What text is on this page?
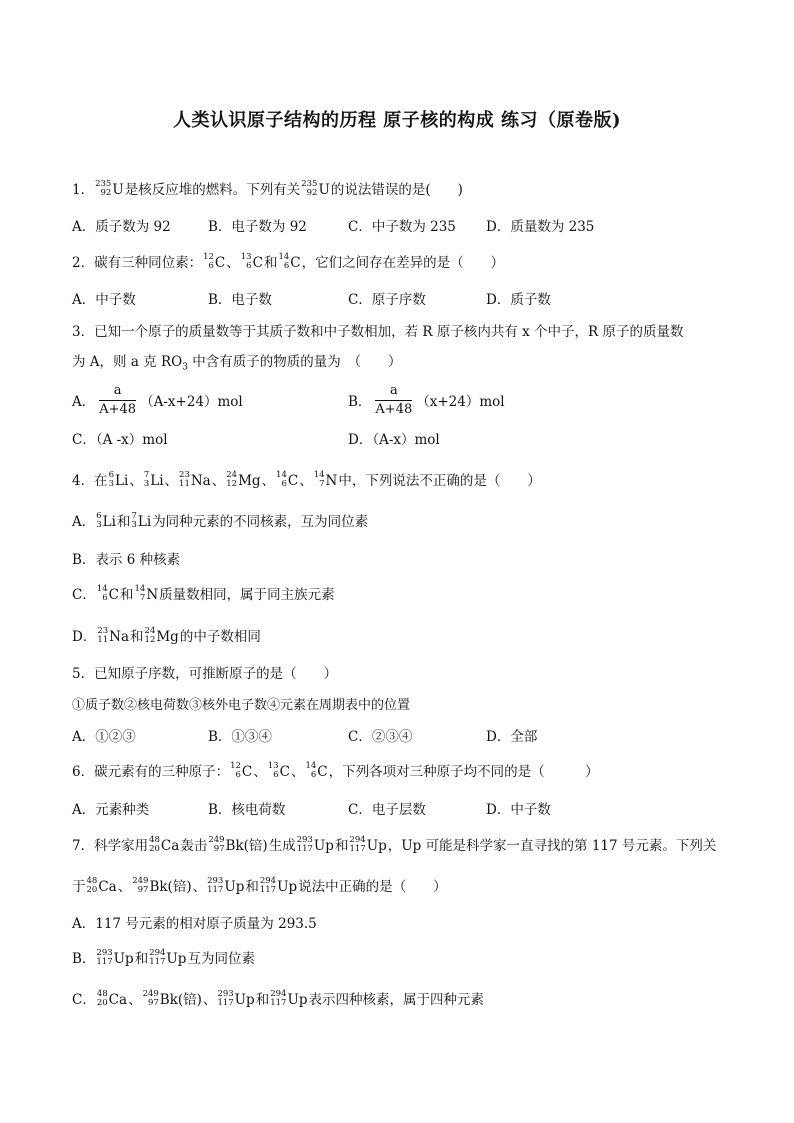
人类认识原子结构的历程 原子核的构成 练习（原卷版)
1． 235
92 U是核反应堆的燃料。下列有关 235
92 U的说法错误的是(　　)
A．质子数为 92	B．电子数为 92	C．中子数为 235 D．质量数为 235
2．碳有三种同位素： 12
6 C、 13
6 C和 14
6 C，它们之间存在差异的是（　　）
A．中子数	B．电子数	C．原子序数	D．质子数
3．已知一个原子的质量数等于其质子数和中子数相加，若 R 原子核内共有 x 个中子，R 原子的质量数
为 A，则 a 克 $RO_3$ 中含有质子的物质的量为　（　　）
A． $\frac{a}{A+48} (A-x+24)mol$	B． $\frac{a}{A+48} (x+24)mol$
C．（A -x）mol	D．（A-x）mol
4．在 6
3 Li、 7
3 Li、 23
11 Na、 24
12 Mg、 14
6 C、 14
7 N中，下列说法不正确的是（　　）
A． 6
3 Li和 7
3 Li为同种元素的不同核素，互为同位素
B．表示 6 种核素
C． 14
6 C和 14
7 N质量数相同，属于同主族元素
D． 23
11 Na和 24
12 Mg的中子数相同
5．已知原子序数，可推断原子的是（　　）
①质子数②核电荷数③核外电子数④元素在周期表中的位置
A．①②③	B．①③④	C．②③④	D．全部
6．碳元素有的三种原子： 12
6 C、 13
6 C、 14
6 C，下列各项对三种原子均不同的是（　　　）
A．元素种类	B．核电荷数	C．电子层数	D．中子数
7．科学家用 48
20 Ca轰击 249
97 Bk(锫)生成 293
117 Up和 294
117 Up，Up 可能是科学家一直寻找的第 117 号元素。下列关
于 48
20 Ca、 249
97 Bk(锫)、 293
117 Up和 294
117 Up说法中正确的是（　　）
A．117 号元素的相对原子质量为 293.5
B． 293
117 Up和 294
117 Up互为同位素
C． 48
20 Ca、 249
97 Bk(锫)、 293
117 Up和 294
117 Up表示四种核素，属于四种元素
